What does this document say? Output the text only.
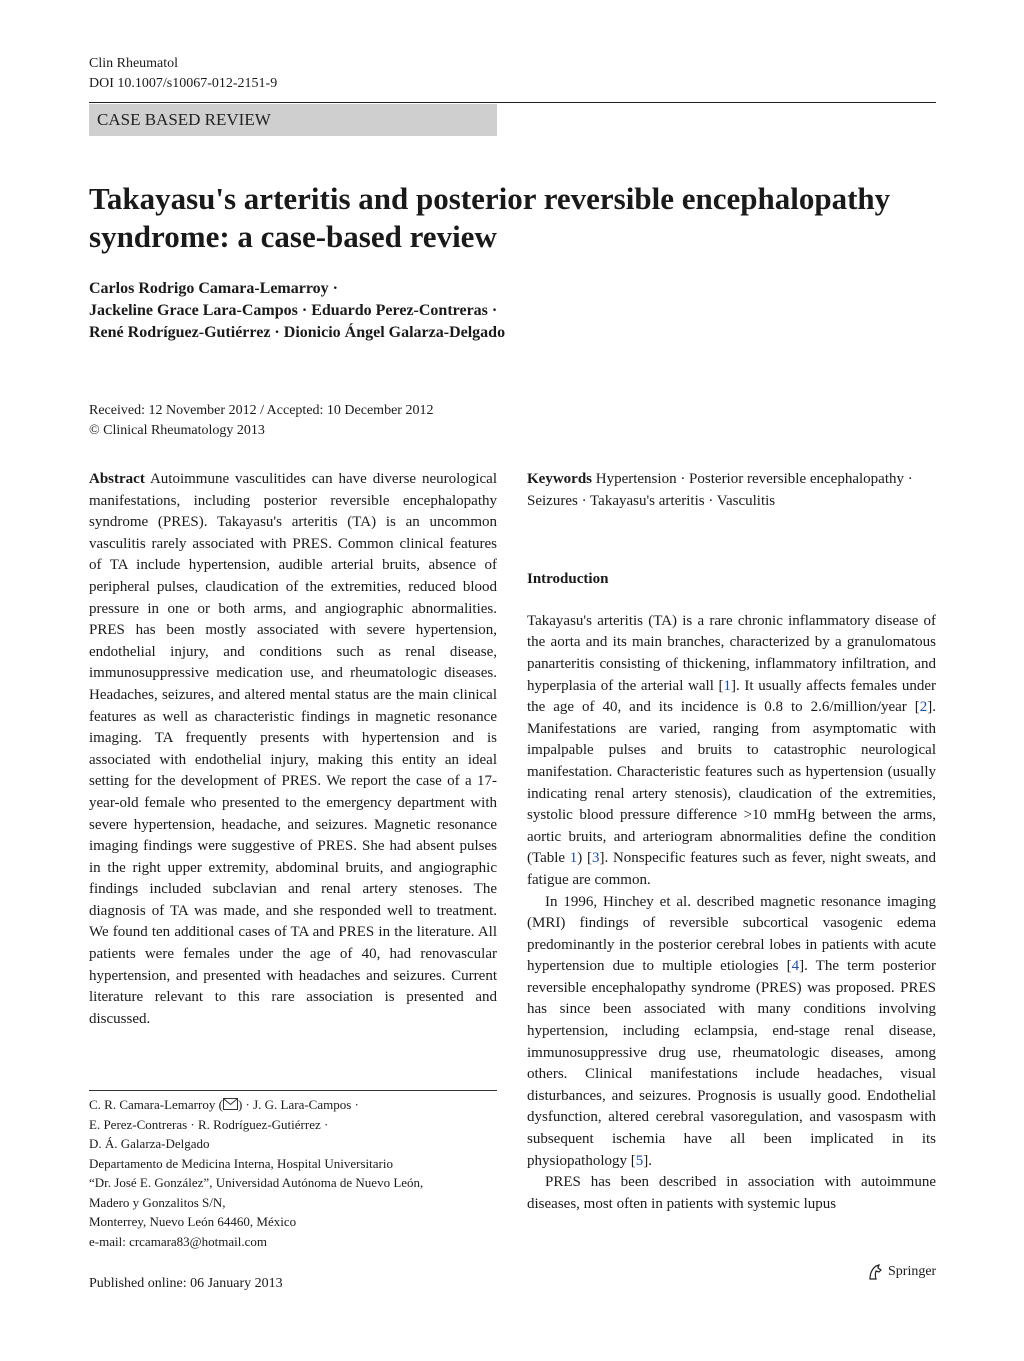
Clin Rheumatol
DOI 10.1007/s10067-012-2151-9
CASE BASED REVIEW
Takayasu's arteritis and posterior reversible encephalopathy
syndrome: a case-based review
Carlos Rodrigo Camara-Lemarroy ·
Jackeline Grace Lara-Campos · Eduardo Perez-Contreras ·
René Rodríguez-Gutiérrez · Dionicio Ángel Galarza-Delgado
Received: 12 November 2012 / Accepted: 10 December 2012
© Clinical Rheumatology 2013

Abstract Autoimmune vasculitides can have diverse neurological manifestations, including posterior reversible encephalopathy syndrome (PRES). Takayasu's arteritis (TA) is an uncommon vasculitis rarely associated with PRES. Common clinical features of TA include hypertension, audible arterial bruits, absence of peripheral pulses, claudication of the extremities, reduced blood pressure in one or both arms, and angiographic abnormalities. PRES has been mostly associated with severe hypertension, endothelial injury, and conditions such as renal disease, immunosuppressive medication use, and rheumatologic diseases. Headaches, seizures, and altered mental status are the main clinical features as well as characteristic findings in magnetic resonance imaging. TA frequently presents with hypertension and is associated with endothelial injury, making this entity an ideal setting for the development of PRES. We report the case of a 17-year-old female who presented to the emergency department with severe hypertension, headache, and seizures. Magnetic resonance imaging findings were suggestive of PRES. She had absent pulses in the right upper extremity, abdominal bruits, and angiographic findings included subclavian and renal artery stenoses. The diagnosis of TA was made, and she responded well to treatment. We found ten additional cases of TA and PRES in the literature. All patients were females under the age of 40, had renovascular hypertension, and presented with headaches and seizures. Current literature relevant to this rare association is presented and discussed.

C. R. Camara-Lemarroy ( ) · J. G. Lara-Campos ·
E. Perez-Contreras · R. Rodríguez-Gutiérrez ·
D. Á. Galarza-Delgado
Departamento de Medicina Interna, Hospital Universitario
“Dr. José E. González”, Universidad Autónoma de Nuevo León,
Madero y Gonzalitos S/N,
Monterrey, Nuevo León 64460, México
e-mail: crcamara83@hotmail.com
Published online: 06 January 2013
Springer

Keywords Hypertension · Posterior reversible encephalopathy · Seizures · Takayasu's arteritis · Vasculitis

Introduction

Takayasu's arteritis (TA) is a rare chronic inflammatory disease of the aorta and its main branches, characterized by a granulomatous panarteritis consisting of thickening, inflammatory infiltration, and hyperplasia of the arterial wall [1]. It usually affects females under the age of 40, and its incidence is 0.8 to 2.6/million/year [2]. Manifestations are varied, ranging from asymptomatic with impalpable pulses and bruits to catastrophic neurological manifestation. Characteristic features such as hypertension (usually indicating renal artery stenosis), claudication of the extremities, systolic blood pressure difference >10 mmHg between the arms, aortic bruits, and arteriogram abnormalities define the condition (Table 1) [3]. Nonspecific features such as fever, night sweats, and fatigue are common.

In 1996, Hinchey et al. described magnetic resonance imaging (MRI) findings of reversible subcortical vasogenic edema predominantly in the posterior cerebral lobes in patients with acute hypertension due to multiple etiologies [4]. The term posterior reversible encephalopathy syndrome (PRES) was proposed. PRES has since been associated with many conditions involving hypertension, including eclampsia, end-stage renal disease, immunosuppressive drug use, rheumatologic diseases, among others. Clinical manifestations include headaches, visual disturbances, and seizures. Prognosis is usually good. Endothelial dysfunction, altered cerebral vasoregulation, and vasospasm with subsequent ischemia have all been implicated in its physiopathology [5].

PRES has been described in association with autoimmune diseases, most often in patients with systemic lupus
